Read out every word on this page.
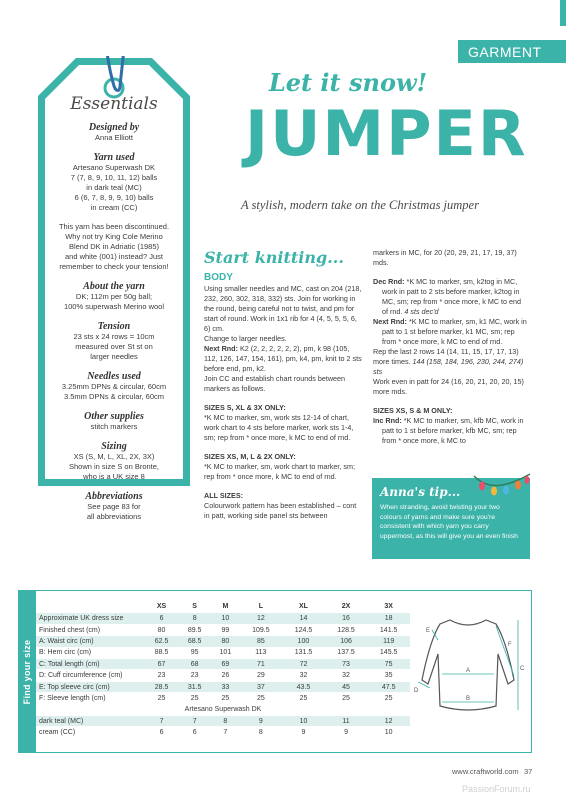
GARMENT
Essentials
Designed by
Anna Elliott
Yarn used
Artesano Superwash DK
7 (7, 8, 9, 10, 11, 12) balls
in dark teal (MC)
6 (6, 7, 8, 9, 9, 10) balls
in cream (CC)
This yarn has been discontinued.
Why not try King Cole Merino
Blend DK in Adriatic (1985)
and white (001) instead? Just
remember to check your tension!
About the yarn
DK; 112m per 50g ball;
100% superwash Merino wool
Tension
23 sts x 24 rows = 10cm
measured over St st on
larger needles
Needles used
3.25mm DPNs & circular, 60cm
3.5mm DPNs & circular, 60cm
Other supplies
stitch markers
Sizing
XS (S, M, L, XL, 2X, 3X)
Shown in size S on Bronte,
who is a UK size 8
Abbreviations
See page 83 for
all abbreviations
Let it snow!
JUMPER
A stylish, modern take on the Christmas jumper
Start knitting...
BODY
Using smaller needles and MC, cast on 204 (218, 232, 260, 302, 318, 332) sts. Join for working in the round, being careful not to twist, and pm for start of round. Work in 1x1 rib for 4 (4, 5, 5, 5, 6, 6) cm.
Change to larger needles.
Next Rnd: K2 (2, 2, 2, 2, 2, 2), pm, k 98 (105, 112, 126, 147, 154, 161), pm, k4, pm, knit to 2 sts before end, pm, k2.
Join CC and establish chart rounds between markers as follows.
SIZES S, XL & 3X ONLY:
*K MC to marker, sm, work sts 12-14 of chart, work chart to 4 sts before marker, work sts 1-4, sm; rep from * once more, k MC to end of rnd.
SIZES XS, M, L & 2X ONLY:
*K MC to marker, sm, work chart to marker, sm; rep from * once more, k MC to end of rnd.
ALL SIZES:
Colourwork pattern has been established – cont in patt, working side panel sts between
markers in MC, for 20 (20, 29, 21, 17, 19, 37) mds.
Dec Rnd: *K MC to marker, sm, k2tog in MC, work in patt to 2 sts before marker, k2tog in MC, sm; rep from * once more, k MC to end of rnd. 4 sts dec'd
Next Rnd: *K MC to marker, sm, k1 MC, work in patt to 1 st before marker, k1 MC, sm; rep from * once more, k MC to end of rnd.
Rep the last 2 rows 14 (14, 11, 15, 17, 17, 13) more times. 144 (158, 184, 196, 230, 244, 274) sts
Work even in patt for 24 (16, 20, 21, 20, 20, 15) more mds.
SIZES XS, S & M ONLY:
Inc Rnd: *K MC to marker, sm, kfb MC, work in patt to 1 st before marker, kfb MC, sm; rep from * once more, k MC to
Anna's tip...
When stranding, avoid twisting your two colours of yarns and make sure you're consistent with which yarn you carry uppermost, as this will give you an even finish
Find your size
	XS	S	M	L	XL	2X	3X
Approximate UK dress size	6	8	10	12	14	16	18
Finished chest (cm)	80	89.5	99	109.5	124.5	128.5	141.5
A: Waist circ (cm)	62.5	68.5	80	85	100	106	119
B: Hem circ (cm)	88.5	95	101	113	131.5	137.5	145.5
C: Total length (cm)	67	68	69	71	72	73	75
D: Cuff circumference (cm)	23	23	26	29	32	32	35
E: Top sleeve circ (cm)	28.5	31.5	33	37	43.5	45	47.5
F: Sleeve length (cm)	25	25	25	25	25	25	25
Artesano Superwash DK							
dark teal (MC)	7	7	8	9	10	11	12
cream (CC)	6	6	7	8	9	9	10
A
B
C
D
E
F
www.craftworld.com 37
PassionForum.ru
